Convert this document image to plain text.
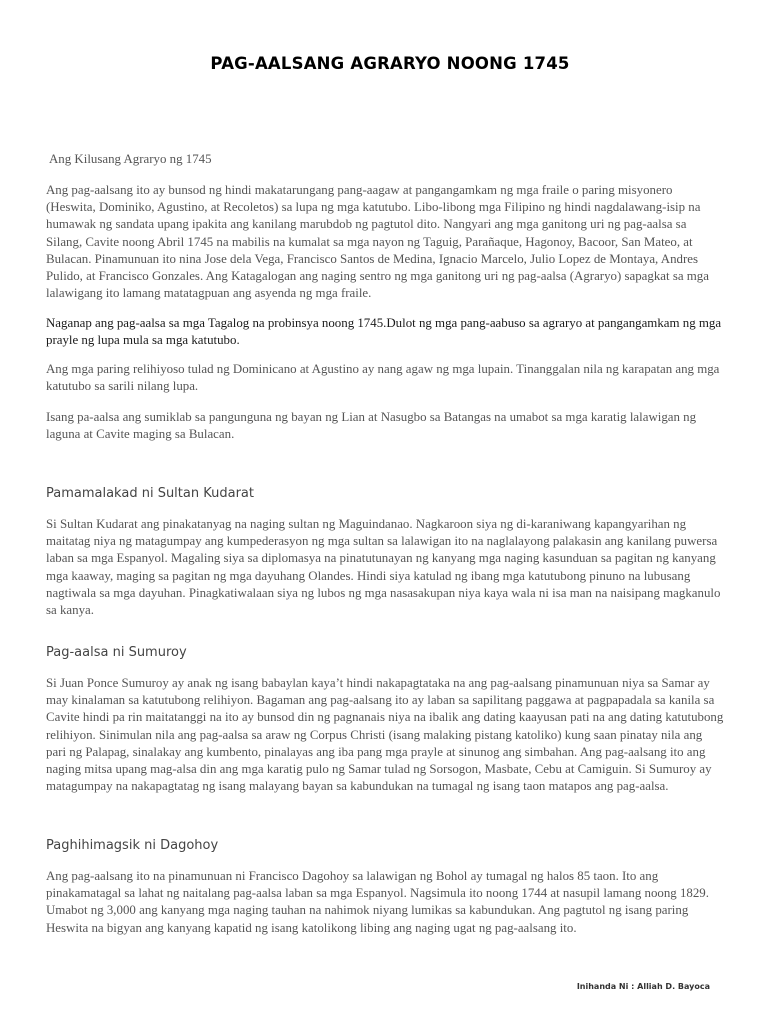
PAG-AALSANG AGRARYO NOONG 1745

Ang Kilusang Agraryo ng 1745

Ang pag-aalsang ito ay bunsod ng hindi makatarungang pang-aagaw at pangangamkam ng mga fraile o paring misyonero (Heswita, Dominiko, Agustino, at Recoletos) sa lupa ng mga katutubo. Libo-libong mga Filipino ng hindi nagdalawang-isip na humawak ng sandata upang ipakita ang kanilang marubdob ng pagtutol dito. Nangyari ang mga ganitong uri ng pag-aalsa sa Silang, Cavite noong Abril 1745 na mabilis na kumalat sa mga nayon ng Taguig, Parañaque, Hagonoy, Bacoor, San Mateo, at Bulacan. Pinamunuan ito nina Jose dela Vega, Francisco Santos de Medina, Ignacio Marcelo, Julio Lopez de Montaya, Andres Pulido, at Francisco Gonzales. Ang Katagalogan ang naging sentro ng mga ganitong uri ng pag-aalsa (Agraryo) sapagkat sa mga lalawigang ito lamang matatagpuan ang asyenda ng mga fraile.

Naganap ang pag-aalsa sa mga Tagalog na probinsya noong 1745.Dulot ng mga pang-aabuso sa agraryo at pangangamkam ng mga prayle ng lupa mula sa mga katutubo.

Ang mga paring relihiyoso tulad ng Dominicano at Agustino ay nang agaw ng mga lupain. Tinanggalan nila ng karapatan ang mga katutubo sa sarili nilang lupa.

Isang pa-aalsa ang sumiklab sa pangunguna ng bayan ng Lian at Nasugbo sa Batangas na umabot sa mga karatig lalawigan ng laguna at Cavite maging sa Bulacan.

Pamamalakad ni Sultan Kudarat

Si Sultan Kudarat ang pinakatanyag na naging sultan ng Maguindanao. Nagkaroon siya ng di-karaniwang kapangyarihan ng maitatag niya ng matagumpay ang kumpederasyon ng mga sultan sa lalawigan ito na naglalayong palakasin ang kanilang puwersa laban sa mga Espanyol. Magaling siya sa diplomasya na pinatutunayan ng kanyang mga naging kasunduan sa pagitan ng kanyang mga kaaway, maging sa pagitan ng mga dayuhang Olandes. Hindi siya katulad ng ibang mga katutubong pinuno na lubusang nagtiwala sa mga dayuhan. Pinagkatiwalaan siya ng lubos ng mga nasasakupan niya kaya wala ni isa man na naisipang magkanulo sa kanya.

Pag-aalsa ni Sumuroy

Si Juan Ponce Sumuroy ay anak ng isang babaylan kaya’t hindi nakapagtataka na ang pag-aalsang pinamunuan niya sa Samar ay may kinalaman sa katutubong relihiyon. Bagaman ang pag-aalsang ito ay laban sa sapilitang paggawa at pagpapadala sa kanila sa Cavite hindi pa rin maitatanggi na ito ay bunsod din ng pagnanais niya na ibalik ang dating kaayusan pati na ang dating katutubong relihiyon. Sinimulan nila ang pag-aalsa sa araw ng Corpus Christi (isang malaking pistang katoliko) kung saan pinatay nila ang pari ng Palapag, sinalakay ang kumbento, pinalayas ang iba pang mga prayle at sinunog ang simbahan. Ang pag-aalsang ito ang naging mitsa upang mag-alsa din ang mga karatig pulo ng Samar tulad ng Sorsogon, Masbate, Cebu at Camiguin. Si Sumuroy ay matagumpay na nakapagtatag ng isang malayang bayan sa kabundukan na tumagal ng isang taon matapos ang pag-aalsa.

Paghihimagsik ni Dagohoy

Ang pag-aalsang ito na pinamunuan ni Francisco Dagohoy sa lalawigan ng Bohol ay tumagal ng halos 85 taon. Ito ang pinakamatagal sa lahat ng naitalang pag-aalsa laban sa mga Espanyol. Nagsimula ito noong 1744 at nasupil lamang noong 1829. Umabot ng 3,000 ang kanyang mga naging tauhan na nahimok niyang lumikas sa kabundukan. Ang pagtutol ng isang paring Heswita na bigyan ang kanyang kapatid ng isang katolikong libing ang naging ugat ng pag-aalsang ito.

Inihanda Ni : Alliah D. Bayoca
